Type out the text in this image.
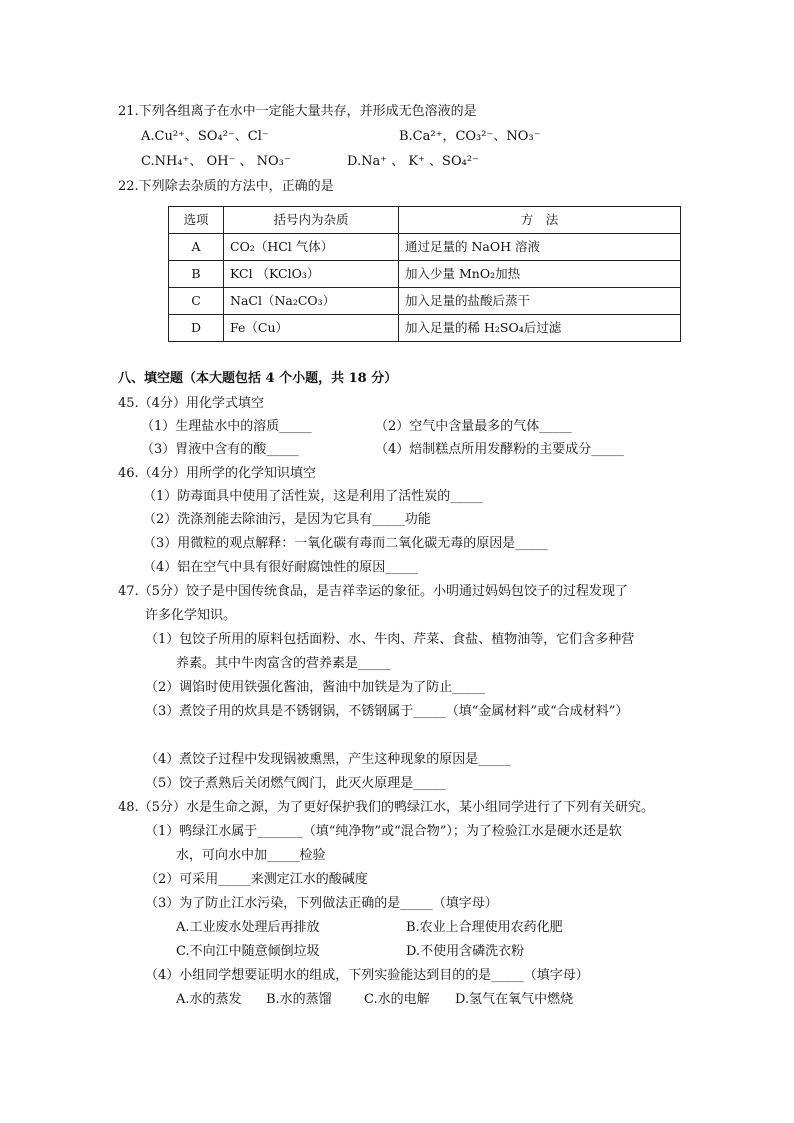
21.下列各组离子在水中一定能大量共存，并形成无色溶液的是
A.Cu²⁺、SO₄²⁻、Cl⁻	B.Ca²⁺，CO₃²⁻、NO₃⁻
C.NH₄⁺、 OH⁻ 、 NO₃⁻	D.Na⁺ 、 K⁺ 、SO₄²⁻
22.下列除去杂质的方法中，正确的是
选项	括号内为杂质	方　法
A	CO₂（HCl 气体）	通过足量的 NaOH 溶液
B	KCl （KClO₃）	加入少量 MnO₂加热
C	NaCl（Na₂CO₃）	加入足量的盐酸后蒸干
D	Fe（Cu）	加入足量的稀 H₂SO₄后过滤
八、填空题（本大题包括 4 个小题，共 18 分）
45.（4分）用化学式填空
（1）生理盐水中的溶质_____	（2）空气中含量最多的气体_____
（3）胃液中含有的酸_____	（4）焙制糕点所用发酵粉的主要成分_____
46.（4分）用所学的化学知识填空
（1）防毒面具中使用了活性炭，这是利用了活性炭的_____
（2）洗涤剂能去除油污，是因为它具有_____功能
（3）用微粒的观点解释：一氧化碳有毒而二氧化碳无毒的原因是_____
（4）铝在空气中具有很好耐腐蚀性的原因_____
47.（5分）饺子是中国传统食品，是吉祥幸运的象征。小明通过妈妈包饺子的过程发现了
许多化学知识。
（1）包饺子所用的原料包括面粉、水、牛肉、芹菜、食盐、植物油等，它们含多种营
养素。其中牛肉富含的营养素是_____
（2）调馅时使用铁强化酱油，酱油中加铁是为了防止_____
（3）煮饺子用的炊具是不锈钢锅，不锈钢属于_____（填“金属材料”或“合成材料”）
（4）煮饺子过程中发现锅被熏黑，产生这种现象的原因是_____
（5）饺子煮熟后关闭燃气阀门，此灭火原理是_____
48.（5分）水是生命之源，为了更好保护我们的鸭绿江水，某小组同学进行了下列有关研究。
（1）鸭绿江水属于_______（填“纯净物”或“混合物”）；为了检验江水是硬水还是软
水，可向水中加_____检验
（2）可采用_____来测定江水的酸碱度
（3）为了防止江水污染，下列做法正确的是_____（填字母）
A.工业废水处理后再排放	B.农业上合理使用农药化肥
C.不向江中随意倾倒垃圾	D.不使用含磷洗衣粉
（4）小组同学想要证明水的组成，下列实验能达到目的的是_____（填字母）
A.水的蒸发 B.水的蒸馏 C.水的电解 D.氢气在氧气中燃烧
